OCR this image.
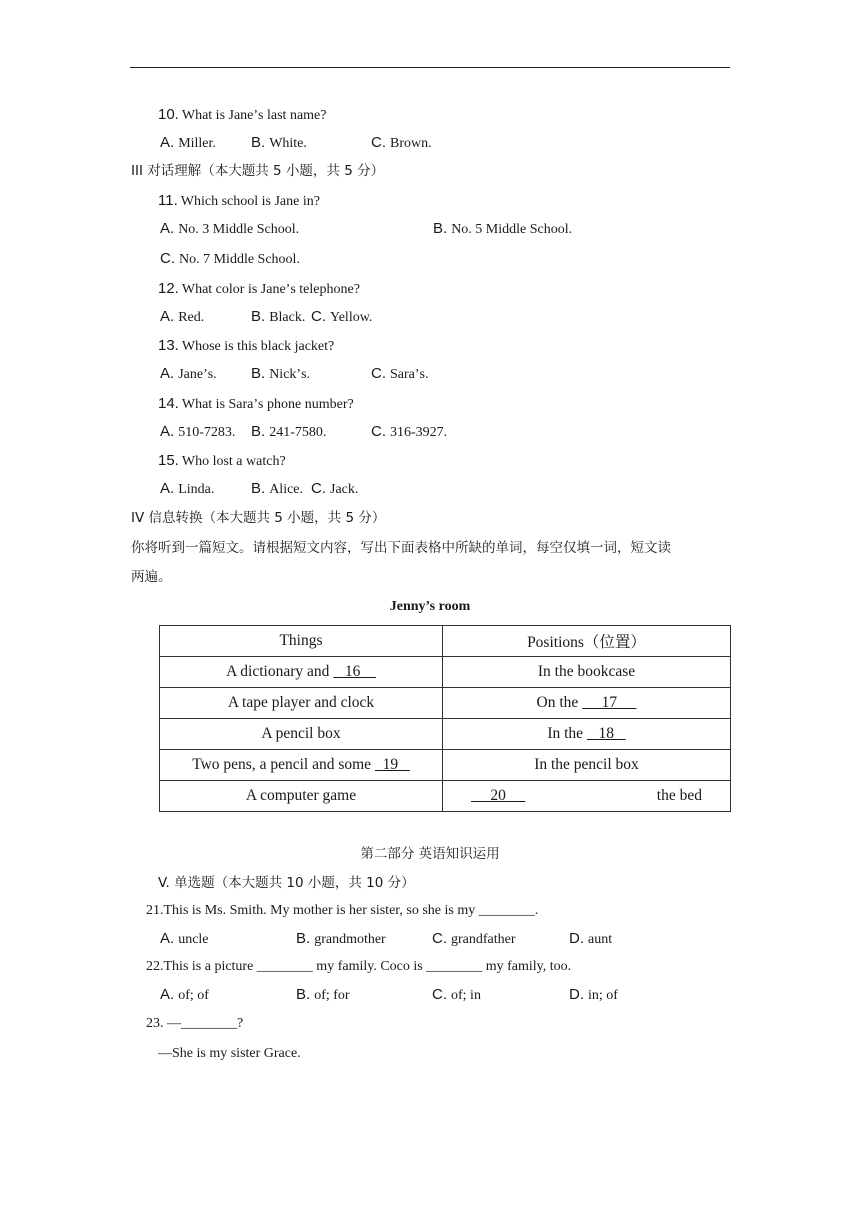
10. What is Janeʼs last name?
A. Miller. B. White.	C. Brown.
III 对话理解（本大题共 5 小题，共 5 分）
11. Which school is Jane in?
A. No. 3 Middle School.	B. No. 5 Middle School.
C. No. 7 Middle School.
12. What color is Janeʼs telephone?
A. Red.	B. Black. C. Yellow.
13. Whose is this black jacket?
A. Janeʼs. B. Nickʼs.	C. Saraʼs.
14. What is Saraʼs phone number?
A. 510-7283. B. 241-7580.	C. 316-3927.
15. Who lost a watch?
A. Linda. B. Alice. C. Jack.
IV 信息转换（本大题共 5 小题，共 5 分）
你将听到一篇短文。请根据短文内容，写出下面表格中所缺的单词，每空仅填一词，短文读
两遍。
Jenny’s room
Things	Positions（位置）
A dictionary and 16	In the bookcase
A tape player and clock	On the 17
A pencil box	In the 18
Two pens, a pencil and some 19	In the pencil box
A computer game	20 the bed
第二部分 英语知识运用
V. 单选题（本大题共 10 小题，共 10 分）
21.This is Ms. Smith. My mother is her sister, so she is my ________.
A. uncle	B. grandmother	C. grandfather	D. aunt
22.This is a picture ________ my family. Coco is ________ my family, too.
A. of; of	B. of; for	C. of; in	D. in; of
23. —________?
—She is my sister Grace.
